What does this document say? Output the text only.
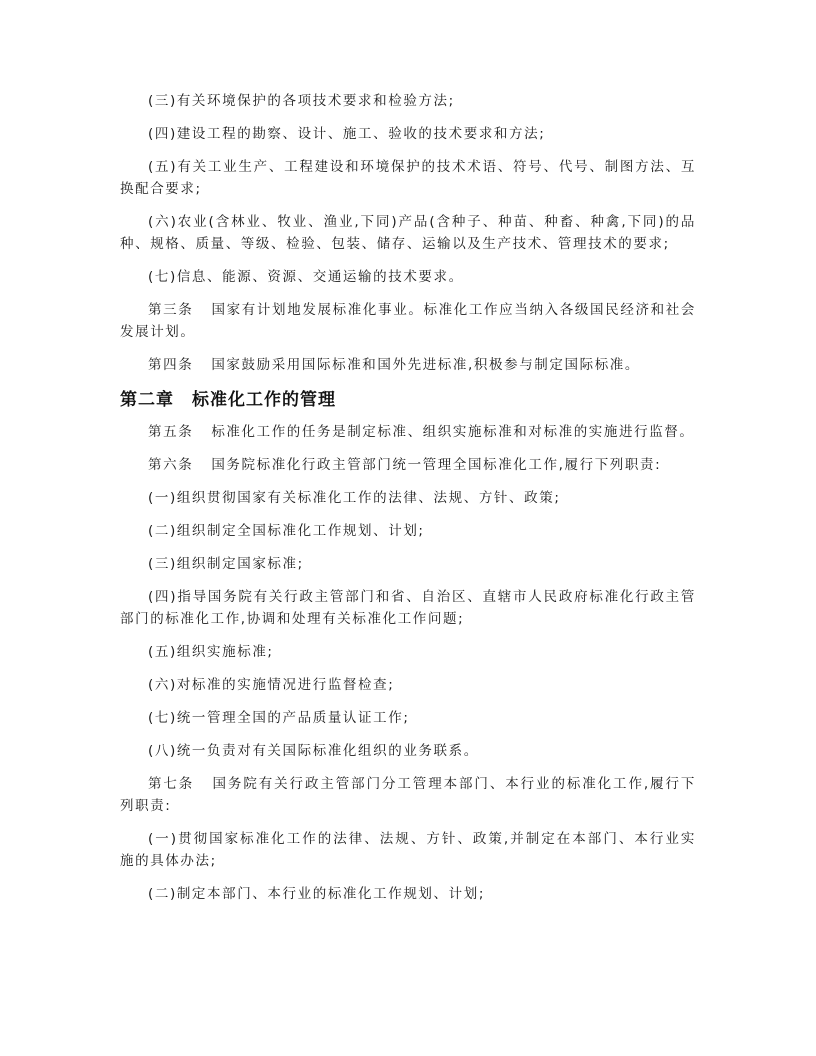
(三)有关环境保护的各项技术要求和检验方法;

(四)建设工程的勘察、设计、施工、验收的技术要求和方法;

(五)有关工业生产、工程建设和环境保护的技术术语、符号、代号、制图方法、互换配合要求;

(六)农业(含林业、牧业、渔业,下同)产品(含种子、种苗、种畜、种禽,下同)的品种、规格、质量、等级、检验、包装、储存、运输以及生产技术、管理技术的要求;

(七)信息、能源、资源、交通运输的技术要求。

第三条 国家有计划地发展标准化事业。标准化工作应当纳入各级国民经济和社会发展计划。

第四条 国家鼓励采用国际标准和国外先进标准,积极参与制定国际标准。

第二章 标准化工作的管理

第五条 标准化工作的任务是制定标准、组织实施标准和对标准的实施进行监督。

第六条 国务院标准化行政主管部门统一管理全国标准化工作,履行下列职责:

(一)组织贯彻国家有关标准化工作的法律、法规、方针、政策;

(二)组织制定全国标准化工作规划、计划;

(三)组织制定国家标准;

(四)指导国务院有关行政主管部门和省、自治区、直辖市人民政府标准化行政主管部门的标准化工作,协调和处理有关标准化工作问题;

(五)组织实施标准;

(六)对标准的实施情况进行监督检查;

(七)统一管理全国的产品质量认证工作;

(八)统一负责对有关国际标准化组织的业务联系。

第七条 国务院有关行政主管部门分工管理本部门、本行业的标准化工作,履行下列职责:

(一)贯彻国家标准化工作的法律、法规、方针、政策,并制定在本部门、本行业实施的具体办法;

(二)制定本部门、本行业的标准化工作规划、计划;
